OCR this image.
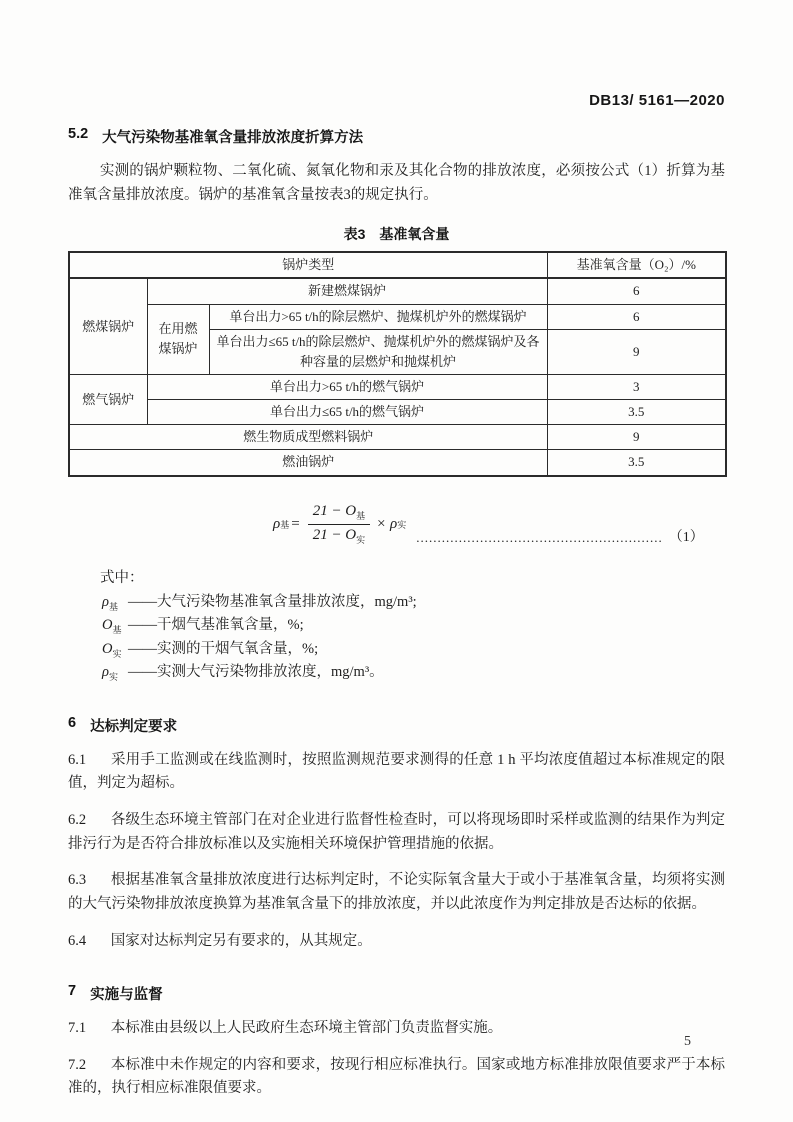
DB13/ 5161—2020
5.2 大气污染物基准氧含量排放浓度折算方法

实测的锅炉颗粒物、二氧化硫、氮氧化物和汞及其化合物的排放浓度，必须按公式（1）折算为基准氧含量排放浓度。锅炉的基准氧含量按表3的规定执行。

表3　基准氧含量
锅炉类型			基准氧含量（O₂）/%
燃煤锅炉	新建燃煤锅炉		6
	在用燃煤锅炉	单台出力>65 t/h的除层燃炉、抛煤机炉外的燃煤锅炉	6
		单台出力≤65 t/h的除层燃炉、抛煤机炉外的燃煤锅炉及各种容量的层燃炉和抛煤机炉	9
燃气锅炉	单台出力>65 t/h的燃气锅炉		3
	单台出力≤65 t/h的燃气锅炉		3.5
燃生物质成型燃料锅炉			9
燃油锅炉			3.5
ρ 基 = $\frac{21 - O_基}{21 - O_实} \times \rho$ 实
.......................................................... （1）
式中：
$\rho_基$ ——大气污染物基准氧含量排放浓度，mg/m³;
$O_基$ ——干烟气基准氧含量，%;
$O_实$ ——实测的干烟气氧含量，%;
$\rho_实$ ——实测大气污染物排放浓度，mg/m³。
6 达标判定要求

6.1 采用手工监测或在线监测时，按照监测规范要求测得的任意 1 h 平均浓度值超过本标准规定的限值，判定为超标。

6.2 各级生态环境主管部门在对企业进行监督性检查时，可以将现场即时采样或监测的结果作为判定排污行为是否符合排放标准以及实施相关环境保护管理措施的依据。

6.3 根据基准氧含量排放浓度进行达标判定时，不论实际氧含量大于或小于基准氧含量，均须将实测的大气污染物排放浓度换算为基准氧含量下的排放浓度，并以此浓度作为判定排放是否达标的依据。

6.4 国家对达标判定另有要求的，从其规定。

7 实施与监督

7.1 本标准由县级以上人民政府生态环境主管部门负责监督实施。

7.2 本标准中未作规定的内容和要求，按现行相应标准执行。国家或地方标准排放限值要求严于本标准的，执行相应标准限值要求。

5
